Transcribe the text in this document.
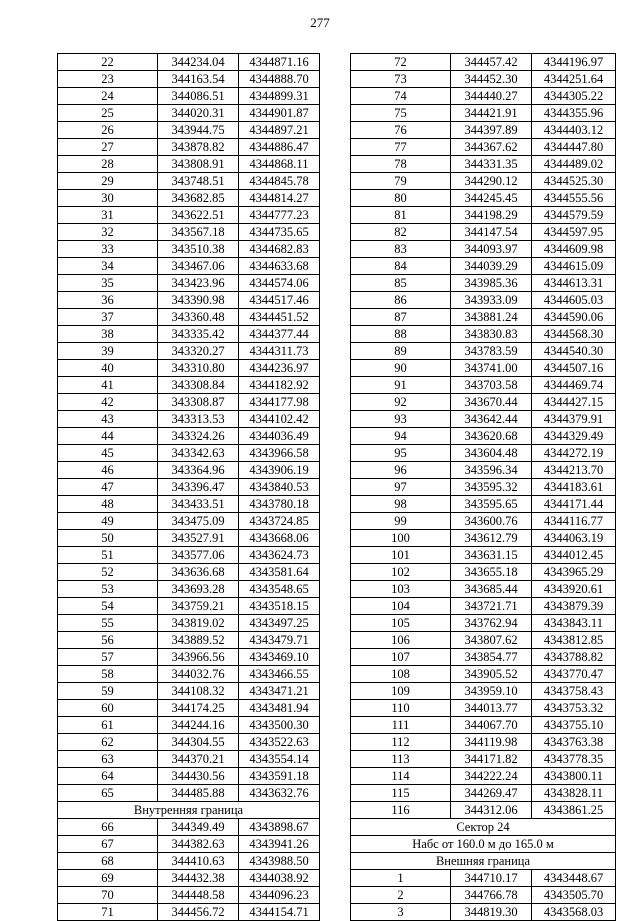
277
22	344234.04	4344871.16
23	344163.54	4344888.70
24	344086.51	4344899.31
25	344020.31	4344901.87
26	343944.75	4344897.21
27	343878.82	4344886.47
28	343808.91	4344868.11
29	343748.51	4344845.78
30	343682.85	4344814.27
31	343622.51	4344777.23
32	343567.18	4344735.65
33	343510.38	4344682.83
34	343467.06	4344633.68
35	343423.96	4344574.06
36	343390.98	4344517.46
37	343360.48	4344451.52
38	343335.42	4344377.44
39	343320.27	4344311.73
40	343310.80	4344236.97
41	343308.84	4344182.92
42	343308.87	4344177.98
43	343313.53	4344102.42
44	343324.26	4344036.49
45	343342.63	4343966.58
46	343364.96	4343906.19
47	343396.47	4343840.53
48	343433.51	4343780.18
49	343475.09	4343724.85
50	343527.91	4343668.06
51	343577.06	4343624.73
52	343636.68	4343581.64
53	343693.28	4343548.65
54	343759.21	4343518.15
55	343819.02	4343497.25
56	343889.52	4343479.71
57	343966.56	4343469.10
58	344032.76	4343466.55
59	344108.32	4343471.21
60	344174.25	4343481.94
61	344244.16	4343500.30
62	344304.55	4343522.63
63	344370.21	4343554.14
64	344430.56	4343591.18
65	344485.88	4343632.76
Внутренняя граница		
66	344349.49	4343898.67
67	344382.63	4343941.26
68	344410.63	4343988.50
69	344432.38	4344038.92
70	344448.58	4344096.23
71	344456.72	4344154.71
72	344457.42	4344196.97
73	344452.30	4344251.64
74	344440.27	4344305.22
75	344421.91	4344355.96
76	344397.89	4344403.12
77	344367.62	4344447.80
78	344331.35	4344489.02
79	344290.12	4344525.30
80	344245.45	4344555.56
81	344198.29	4344579.59
82	344147.54	4344597.95
83	344093.97	4344609.98
84	344039.29	4344615.09
85	343985.36	4344613.31
86	343933.09	4344605.03
87	343881.24	4344590.06
88	343830.83	4344568.30
89	343783.59	4344540.30
90	343741.00	4344507.16
91	343703.58	4344469.74
92	343670.44	4344427.15
93	343642.44	4344379.91
94	343620.68	4344329.49
95	343604.48	4344272.19
96	343596.34	4344213.70
97	343595.32	4344183.61
98	343595.65	4344171.44
99	343600.76	4344116.77
100	343612.79	4344063.19
101	343631.15	4344012.45
102	343655.18	4343965.29
103	343685.44	4343920.61
104	343721.71	4343879.39
105	343762.94	4343843.11
106	343807.62	4343812.85
107	343854.77	4343788.82
108	343905.52	4343770.47
109	343959.10	4343758.43
110	344013.77	4343753.32
111	344067.70	4343755.10
112	344119.98	4343763.38
113	344171.82	4343778.35
114	344222.24	4343800.11
115	344269.47	4343828.11
116	344312.06	4343861.25
Сектор 24		
Набс от 160.0 м до 165.0 м		
Внешняя граница		
1	344710.17	4343448.67
2	344766.78	4343505.70
3	344819.30	4343568.03
